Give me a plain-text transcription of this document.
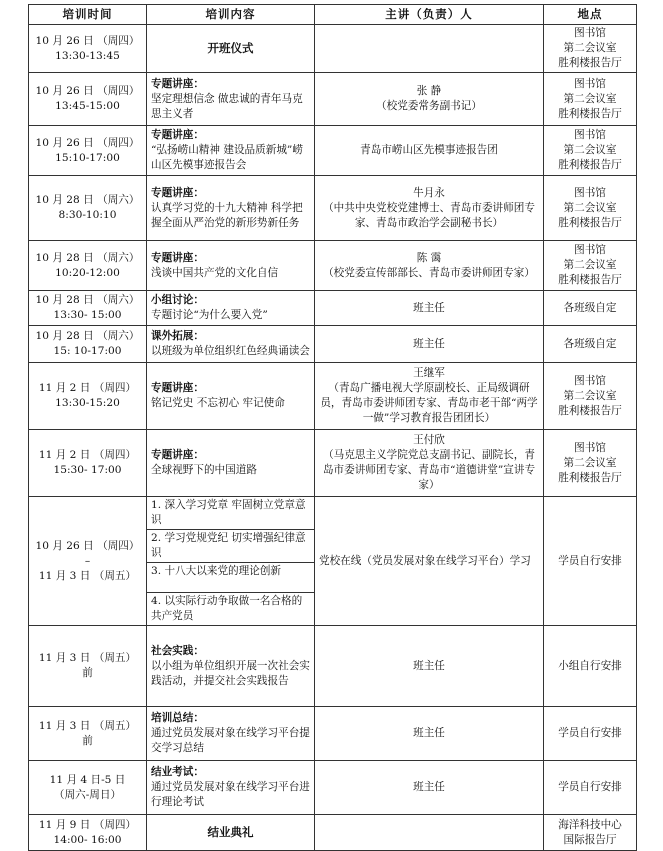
培训时间	培训内容	主讲（负责）人	地点

10 月 26 日 （周四）
13:30-13:45	开班仪式		图书馆
第二会议室
胜利楼报告厅

10 月 26 日 （周四）
13:45-15:00	专题讲座：
坚定理想信念 做忠诚的青年马克思主义者	张 静
（校党委常务副书记）	图书馆
第二会议室
胜利楼报告厅

10 月 26 日 （周四）
15:10-17:00	专题讲座：
“弘扬崂山精神 建设品质新城”崂山区先模事迹报告会	青岛市崂山区先模事迹报告团	图书馆
第二会议室
胜利楼报告厅

10 月 28 日 （周六）
8:30-10:10	专题讲座：
认真学习党的十九大精神 科学把握全面从严治党的新形势新任务	牛月永
（中共中央党校党建博士、青岛市委讲师团专家、青岛市政治学会副秘书长）	图书馆
第二会议室
胜利楼报告厅

10 月 28 日 （周六）
10:20-12:00	专题讲座：
浅谈中国共产党的文化自信	陈 霭
（校党委宣传部部长、青岛市委讲师团专家）	图书馆
第二会议室
胜利楼报告厅

10 月 28 日 （周六）
13:30- 15:00	小组讨论：
专题讨论“为什么要入党”	班主任	各班级自定

10 月 28 日 （周六）
15: 10-17:00	课外拓展：
以班级为单位组织红色经典诵读会	班主任	各班级自定

11 月 2 日 （周四）
13:30-15:20	专题讲座：
铭记党史 不忘初心 牢记使命	王继军
（青岛广播电视大学原副校长、正局级调研员，青岛市委讲师团专家、青岛市老干部“两学一做”学习教育报告团团长）	图书馆
第二会议室
胜利楼报告厅

11 月 2 日 （周四）
15:30- 17:00	专题讲座：
全球视野下的中国道路	王付欣
（马克思主义学院党总支副书记、副院长，青岛市委讲师团专家、青岛市“道德讲堂”宣讲专家）	图书馆
第二会议室
胜利楼报告厅

10 月 26 日 （周四）
–
11 月 3 日 （周五）	1. 深入学习党章 牢固树立党章意识
2. 学习党规党纪 切实增强纪律意识
3. 十八大以来党的理论创新
4. 以实际行动争取做一名合格的共产党员	党校在线（党员发展对象在线学习平台）学习	学员自行安排

11 月 3 日 （周五）
前	社会实践：
以小组为单位组织开展一次社会实践活动，并提交社会实践报告	班主任	小组自行安排

11 月 3 日 （周五）
前	培训总结：
通过党员发展对象在线学习平台提交学习总结	班主任	学员自行安排

11 月 4 日-5 日
（周六-周日）	结业考试：
通过党员发展对象在线学习平台进行理论考试	班主任	学员自行安排

11 月 9 日 （周四）
14:00- 16:00	结业典礼		海洋科技中心
国际报告厅
